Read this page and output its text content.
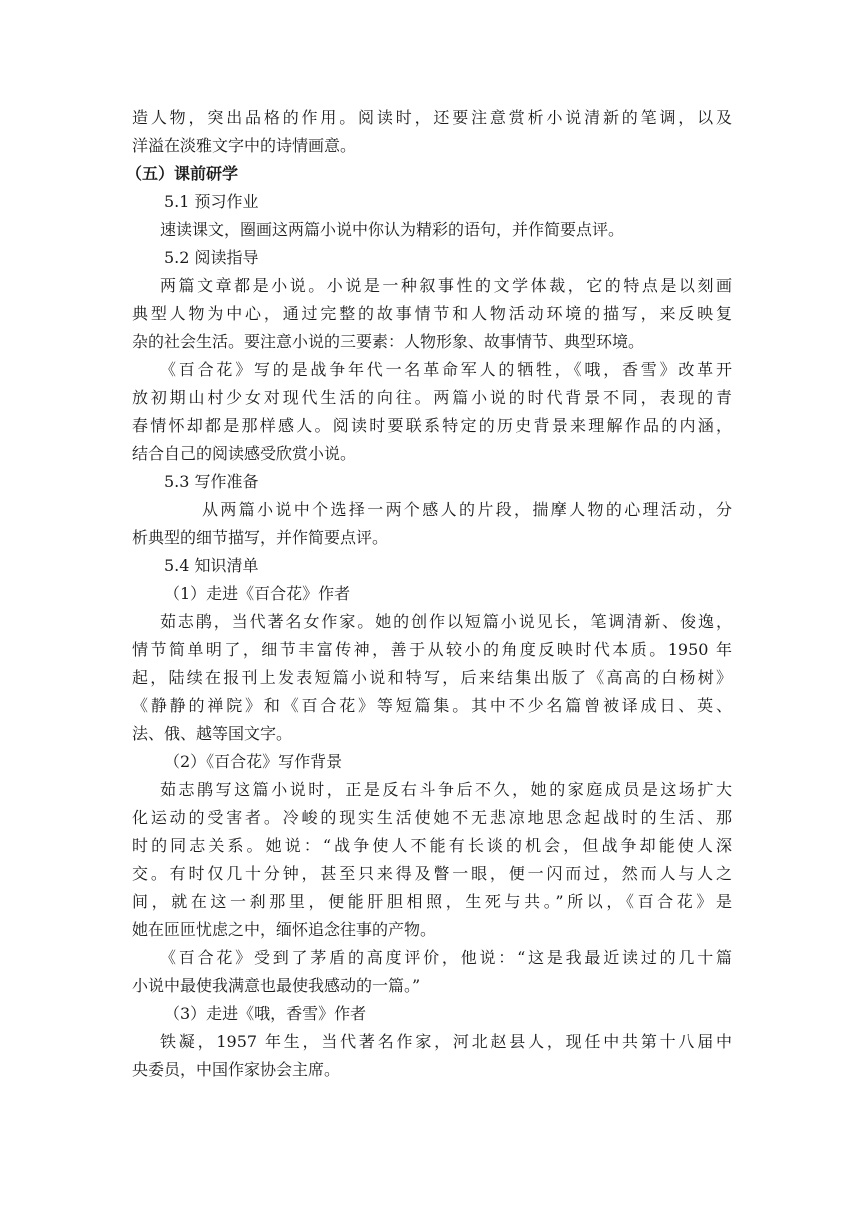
造人物，突出品格的作用。阅读时，还要注意赏析小说清新的笔调，以及
洋溢在淡雅文字中的诗情画意。
（五）课前研学
5.1 预习作业
速读课文，圈画这两篇小说中你认为精彩的语句，并作简要点评。
5.2 阅读指导
两篇文章都是小说。小说是一种叙事性的文学体裁，它的特点是以刻画
典型人物为中心，通过完整的故事情节和人物活动环境的描写，来反映复
杂的社会生活。要注意小说的三要素：人物形象、故事情节、典型环境。
《百合花》写的是战争年代一名革命军人的牺牲，《哦，香雪》改革开
放初期山村少女对现代生活的向往。两篇小说的时代背景不同，表现的青
春情怀却都是那样感人。阅读时要联系特定的历史背景来理解作品的内涵，
结合自己的阅读感受欣赏小说。
5.3 写作准备
从两篇小说中个选择一两个感人的片段，揣摩人物的心理活动，分
析典型的细节描写，并作简要点评。
5.4 知识清单
（1）走进《百合花》作者
茹志鹃，当代著名女作家。她的创作以短篇小说见长，笔调清新、俊逸，
情节简单明了，细节丰富传神，善于从较小的角度反映时代本质。1950 年
起，陆续在报刊上发表短篇小说和特写，后来结集出版了《高高的白杨树》
《静静的禅院》和《百合花》等短篇集。其中不少名篇曾被译成日、英、
法、俄、越等国文字。
（2）《百合花》写作背景
茹志鹃写这篇小说时，正是反右斗争后不久，她的家庭成员是这场扩大
化运动的受害者。冷峻的现实生活使她不无悲凉地思念起战时的生活、那
时的同志关系。她说：“战争使人不能有长谈的机会，但战争却能使人深
交。有时仅几十分钟，甚至只来得及瞥一眼，便一闪而过，然而人与人之
间，就在这一刹那里，便能肝胆相照，生死与共。”所以，《百合花》是
她在匝匝忧虑之中，缅怀追念往事的产物。
《百合花》受到了茅盾的高度评价，他说：“这是我最近读过的几十篇
小说中最使我满意也最使我感动的一篇。”
（3）走进《哦，香雪》作者
铁凝，1957 年生，当代著名作家，河北赵县人，现任中共第十八届中
央委员，中国作家协会主席。
